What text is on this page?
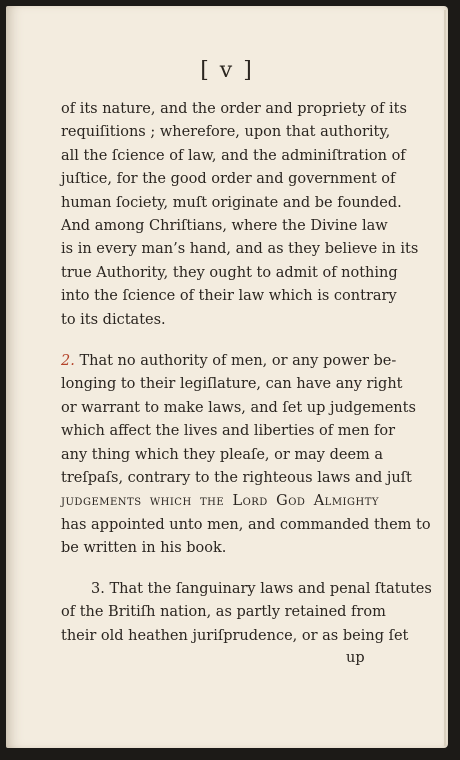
[ v ]
of its nature, and the order and propriety of its
requiſitions ; wherefore, upon that authority,
all the ſcience of law, and the adminiſtration of
juſtice, for the good order and government of
human ſociety, muſt originate and be founded.
And among Chriſtians, where the Divine law
is in every man’s hand, and as they believe in its
true Authority, they ought to admit of nothing
into the ſcience of their law which is contrary
to its dictates.
2. That no authority of men, or any power be-
longing to their legiſlature, can have any right
or warrant to make laws, and ſet up judgements
which affect the lives and liberties of men for
any thing which they pleaſe, or may deem a
treſpaſs, contrary to the righteous laws and juſt
judgements which the Lord God Almighty
has appointed unto men, and commanded them to
be written in his book.
3. That the ſanguinary laws and penal ſtatutes
of the Britiſh nation, as partly retained from
their old heathen juriſprudence, or as being ſet
up
